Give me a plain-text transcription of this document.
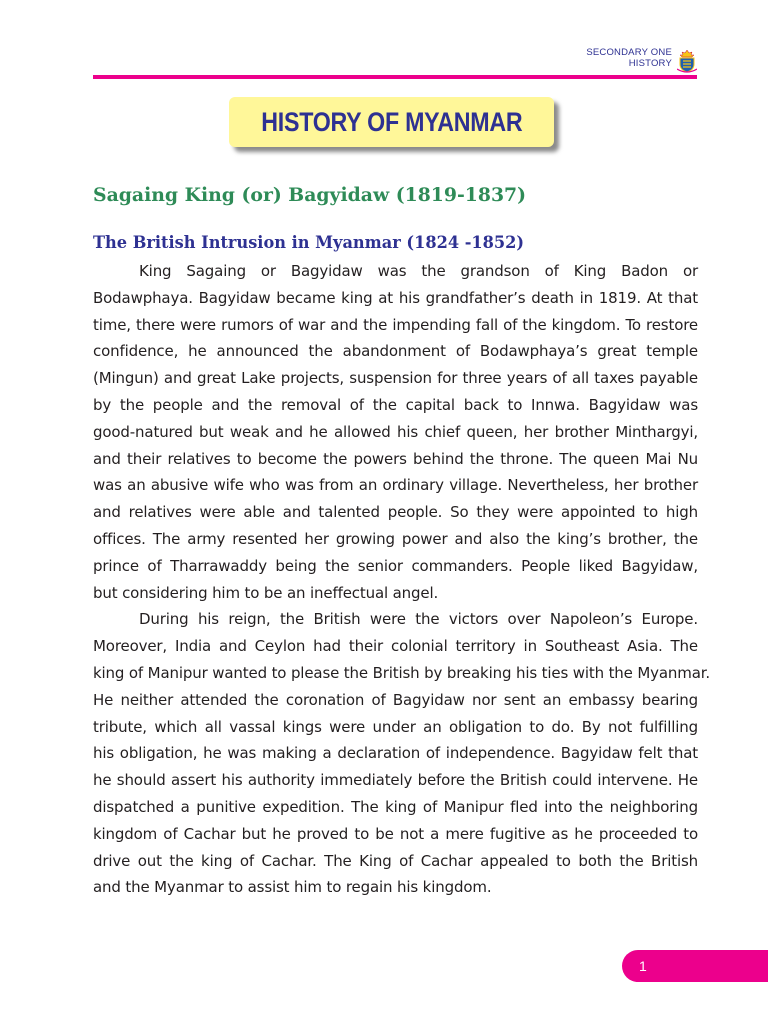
SECONDARY ONE
HISTORY
HISTORY OF MYANMAR
Sagaing King (or) Bagyidaw (1819-1837)
The British Intrusion in Myanmar (1824 -1852)
King Sagaing or Bagyidaw was the grandson of King Badon or
Bodawphaya. Bagyidaw became king at his grandfather’s death in 1819. At that
time, there were rumors of war and the impending fall of the kingdom. To restore
confidence, he announced the abandonment of Bodawphaya’s great temple
(Mingun) and great Lake projects, suspension for three years of all taxes payable
by the people and the removal of the capital back to Innwa. Bagyidaw was
good-natured but weak and he allowed his chief queen, her brother Minthargyi,
and their relatives to become the powers behind the throne. The queen Mai Nu
was an abusive wife who was from an ordinary village. Nevertheless, her brother
and relatives were able and talented people. So they were appointed to high
offices. The army resented her growing power and also the king’s brother, the
prince of Tharrawaddy being the senior commanders. People liked Bagyidaw,
but considering him to be an ineffectual angel.
During his reign, the British were the victors over Napoleon’s Europe.
Moreover, India and Ceylon had their colonial territory in Southeast Asia. The
king of Manipur wanted to please the British by breaking his ties with the Myanmar.
He neither attended the coronation of Bagyidaw nor sent an embassy bearing
tribute, which all vassal kings were under an obligation to do. By not fulfilling
his obligation, he was making a declaration of independence. Bagyidaw felt that
he should assert his authority immediately before the British could intervene. He
dispatched a punitive expedition. The king of Manipur fled into the neighboring
kingdom of Cachar but he proved to be not a mere fugitive as he proceeded to
drive out the king of Cachar. The King of Cachar appealed to both the British
and the Myanmar to assist him to regain his kingdom.
1
